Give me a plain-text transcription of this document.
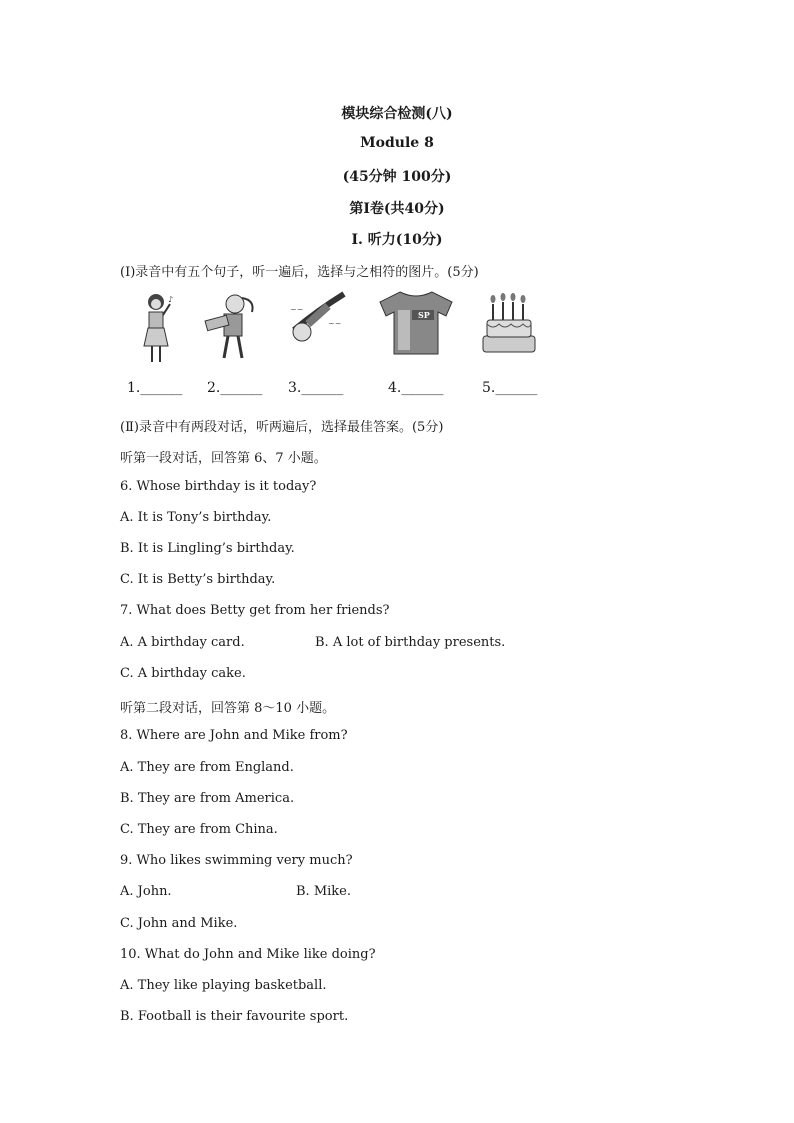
模块综合检测(八)
Module 8
(45分钟 100分)
第Ⅰ卷(共40分)
Ⅰ. 听力(10分)
(Ⅰ)录音中有五个句子，听一遍后，选择与之相符的图片。(5分)
♪
~~
~~
SP
1.______ 2.______ 3.______	4.______	5.______
(Ⅱ)录音中有两段对话，听两遍后，选择最佳答案。(5分)
听第一段对话，回答第 6、7 小题。
6. Whose birthday is it today?
A. It is Tony’s birthday.
B. It is Lingling’s birthday.
C. It is Betty’s birthday.
7. What does Betty get from her friends?
A. A birthday card.	B. A lot of birthday presents.
C. A birthday cake.
听第二段对话，回答第 8～10 小题。
8. Where are John and Mike from?
A. They are from England.
B. They are from America.
C. They are from China.
9. Who likes swimming very much?
A. John.	B. Mike.
C. John and Mike.
10. What do John and Mike like doing?
A. They like playing basketball.
B. Football is their favourite sport.
